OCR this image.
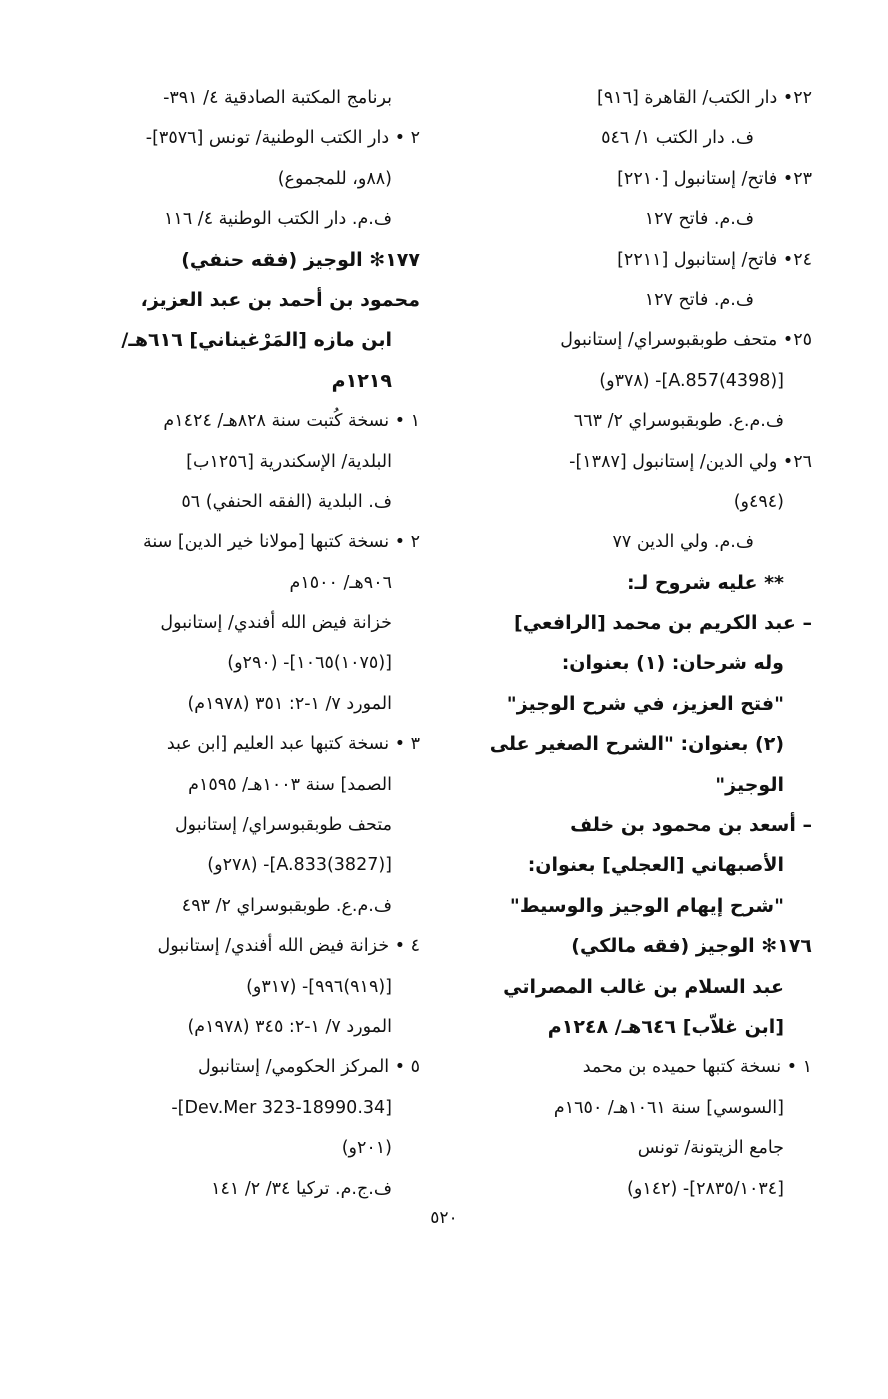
٢٢• دار الكتب/ القاهرة [٩١٦]
ف. دار الكتب ١/ ٥٤٦
٢٣• فاتح/ إستانبول [٢٢١٠]
ف.م. فاتح ١٢٧
٢٤• فاتح/ إستانبول [٢٢١١]
ف.م. فاتح ١٢٧
٢٥• متحف طوبقبوسراي/ إستانبول
[(4398)A.857]- (٣٧٨و)
ف.م.ع. طوبقبوسراي ٢/ ٦٦٣
٢٦• ولي الدين/ إستانبول [١٣٨٧]-
(٤٩٤و)
ف.م. ولي الدين ٧٧
** عليه شروح لـ:
– عبد الكريم بن محمد [الرافعي]
وله شرحان: (١) بعنوان:
"فتح العزيز، في شرح الوجيز"
(٢) بعنوان: "الشرح الصغير على
الوجيز"
– أسعد بن محمود بن خلف
الأصبهاني [العجلي] بعنوان:
"شرح إيهام الوجيز والوسيط"
١٧٦✻ الوجيز (فقه مالكي)
عبد السلام بن غالب المصراتي
[ابن غلاّب] ٦٤٦هـ/ ١٢٤٨م
١ • نسخة كتبها حميده بن محمد
[السوسي] سنة ١٠٦١هـ/ ١٦٥٠م
جامع الزيتونة/ تونس
[٢٨٣٥/١٠٣٤]- (١٤٢و)
برنامج المكتبة الصادقية ٤/ ٣٩١-
٢ • دار الكتب الوطنية/ تونس [٣٥٧٦]-
(٨٨و، للمجموع)
ف.م. دار الكتب الوطنية ٤/ ١١٦
١٧٧✻ الوجيز (فقه حنفي)
محمود بن أحمد بن عبد العزيز،
ابن مازه [المَرْغيناني] ٦١٦هـ/
١٢١٩م
١ • نسخة كُتبت سنة ٨٢٨هـ/ ١٤٢٤م
البلدية/ الإسكندرية [١٢٥٦ب]
ف. البلدية (الفقه الحنفي) ٥٦
٢ • نسخة كتبها [مولانا خير الدين] سنة
٩٠٦هـ/ ١٥٠٠م
خزانة فيض الله أفندي/ إستانبول
[(١٠٧٥)١٠٦٥]- (٢٩٠و)
المورد ٧/ ١-٢: ٣٥١ (١٩٧٨م)
٣ • نسخة كتبها عبد العليم [ابن عبد
الصمد] سنة ١٠٠٣هـ/ ١٥٩٥م
متحف طوبقبوسراي/ إستانبول
[(3827)A.833]- (٢٧٨و)
ف.م.ع. طوبقبوسراي ٢/ ٤٩٣
٤ • خزانة فيض الله أفندي/ إستانبول
[(٩١٩)٩٩٦]- (٣١٧و)
المورد ٧/ ١-٢: ٣٤٥ (١٩٧٨م)
٥ • المركز الحكومي/ إستانبول
[34.Dev.Mer 323-18990]-
(٢٠١و)
ف.ج.م. تركيا ٣٤/ ٢/ ١٤١
٥٢٠
